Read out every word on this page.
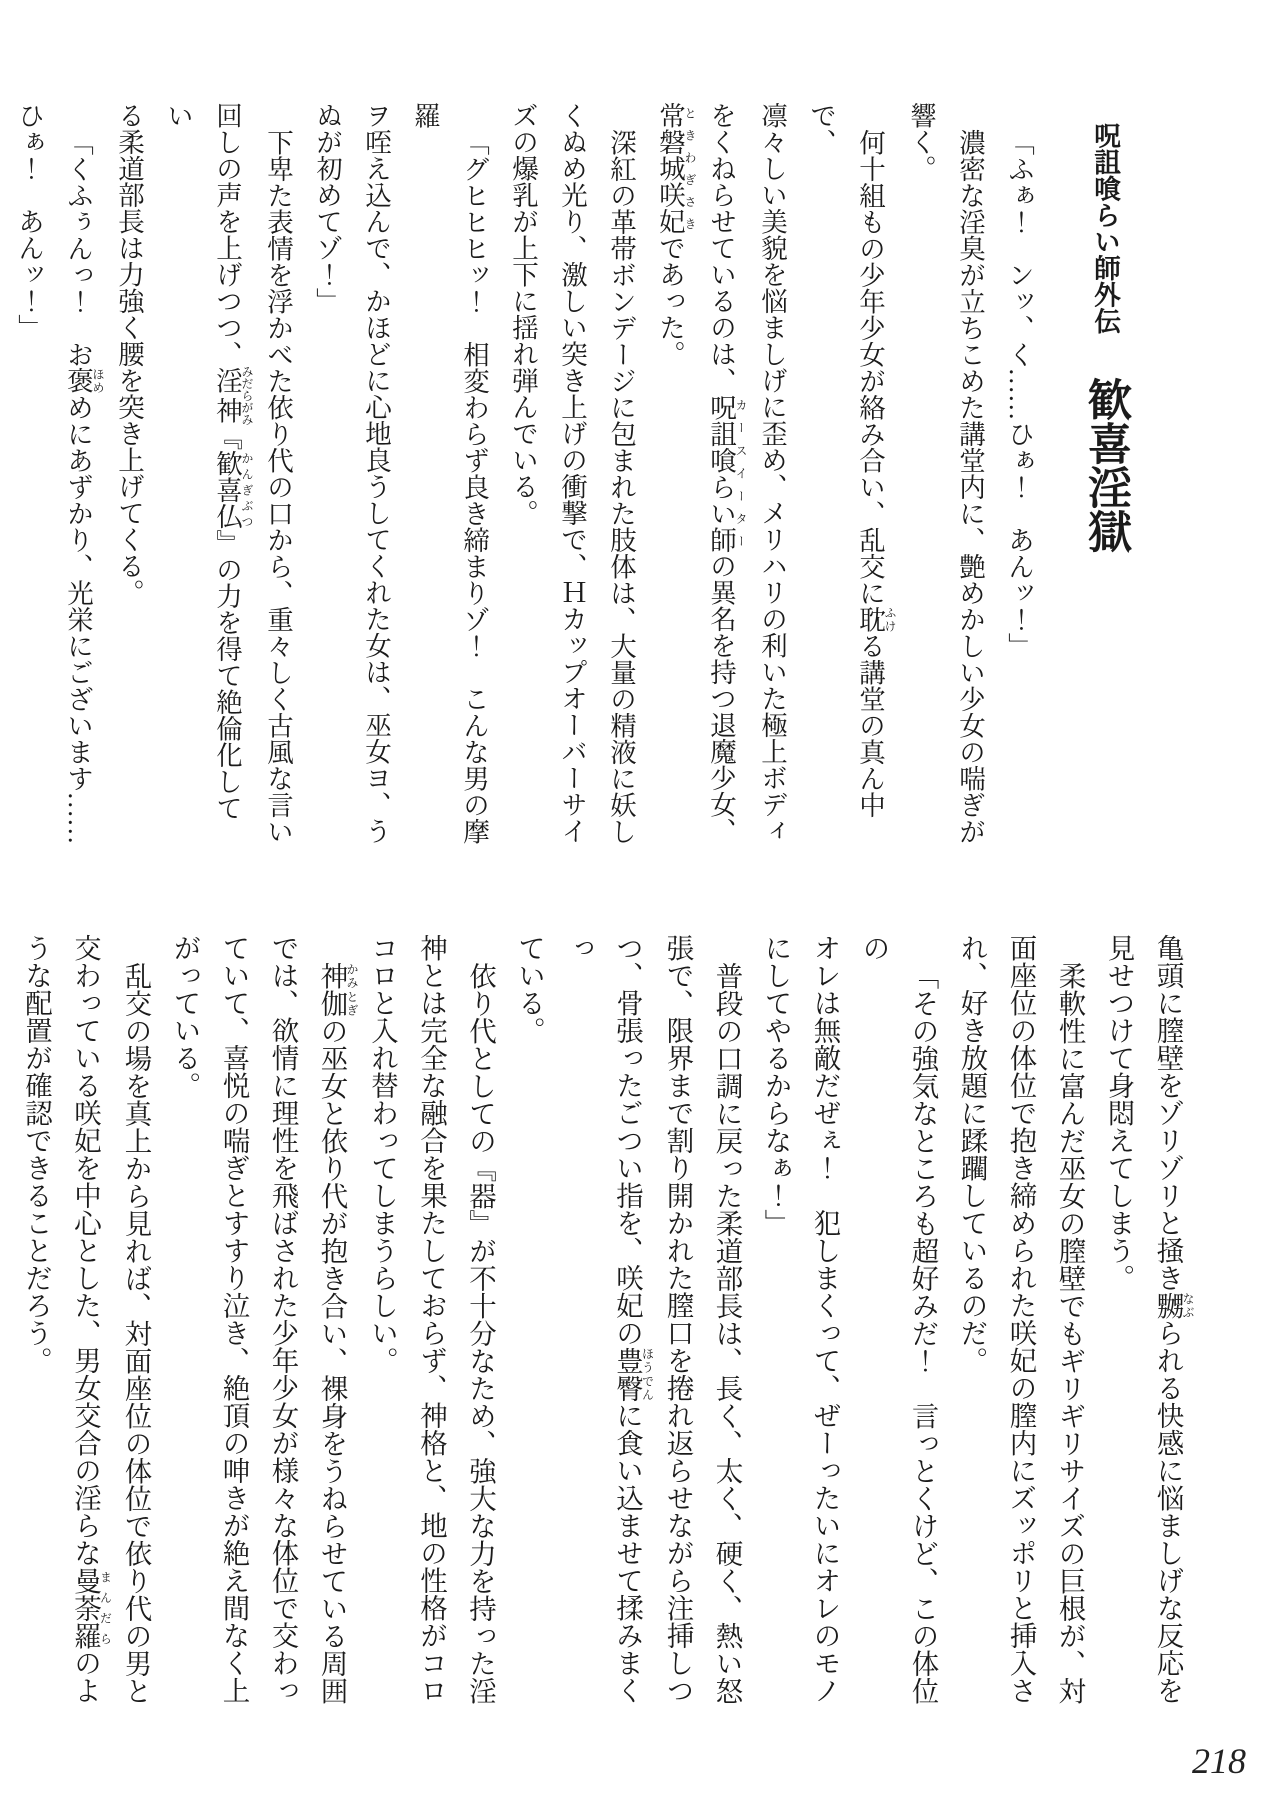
呪詛喰らい師外伝 歓喜淫獄
「ふぁ！　ンッ、く……ひぁ！　あんッ！」
濃密な淫臭が立ちこめた講堂内に、艶めかしい少女の喘ぎが
響く。
何十組もの少年少女が絡み合い、乱交に耽ふける講堂の真ん中で、
凛々しい美貌を悩ましげに歪め、メリハリの利いた極上ボディ
をくねらせているのは、呪詛喰らい師カースイーターの異名を持つ退魔少女、
常磐城咲妃ときわぎさきであった。
深紅の革帯ボンデージに包まれた肢体は、大量の精液に妖し
くぬめ光り、激しい突き上げの衝撃で、Ｈカップオーバーサイ
ズの爆乳が上下に揺れ弾んでいる。
「グヒヒヒッ！　相変わらず良き締まりゾ！　こんな男の摩羅
ヲ咥え込んで、かほどに心地良うしてくれた女は、巫女ヨ、う
ぬが初めてゾ！」
下卑た表情を浮かべた依り代の口から、重々しく古風な言い
回しの声を上げつつ、淫神みだらがみ『歓喜仏かんぎぶつ』の力を得て絶倫化してい
る柔道部長は力強く腰を突き上げてくる。
「くふぅんっ！　お褒ほめめにあずかり、光栄にございます……
ひぁ！　あんッ！」
亀頭に膣壁をゾリゾリと掻き嬲なぶられる快感に悩ましげな反応を
見せつけて身悶えてしまう。
柔軟性に富んだ巫女の膣壁でもギリギリサイズの巨根が、対
面座位の体位で抱き締められた咲妃の膣内にズッポリと挿入さ
れ、好き放題に蹂躙しているのだ。
「その強気なところも超好みだ！　言っとくけど、この体位の
オレは無敵だぜぇ！　犯しまくって、ぜーったいにオレのモノ
にしてやるからなぁ！」
普段の口調に戻った柔道部長は、長く、太く、硬く、熱い怒
張で、限界まで割り開かれた膣口を捲れ返らせながら注挿しつ
つ、骨張ったごつい指を、咲妃の豊臀ほうでんに食い込ませて揉みまくっ
ている。
依り代としての『器』が不十分なため、強大な力を持った淫
神とは完全な融合を果たしておらず、神格と、地の性格がコロ
コロと入れ替わってしまうらしい。
神伽かみとぎの巫女と依り代が抱き合い、裸身をうねらせている周囲
では、欲情に理性を飛ばされた少年少女が様々な体位で交わっ
ていて、喜悦の喘ぎとすすり泣き、絶頂の呻きが絶え間なく上
がっている。
乱交の場を真上から見れば、対面座位の体位で依り代の男と
交わっている咲妃を中心とした、男女交合の淫らな曼荼羅まんだらのよ
うな配置が確認できることだろう。
218
